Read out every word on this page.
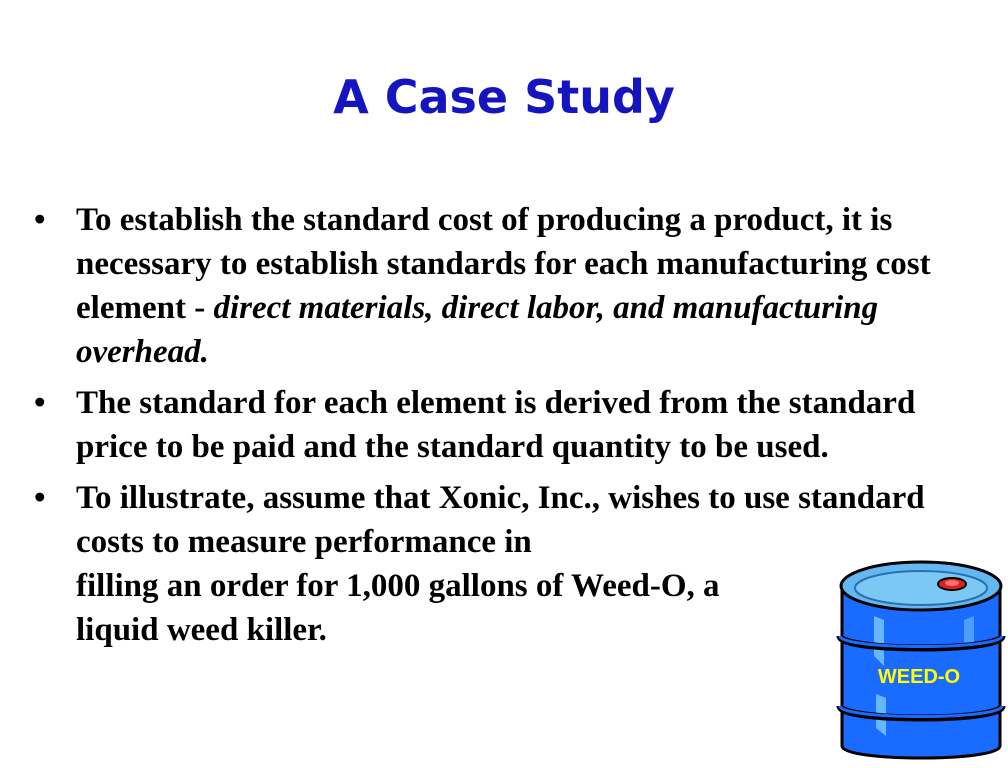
A Case Study
• To establish the standard cost of producing a product, it is necessary to establish standards for each manufacturing cost element - direct materials, direct labor, and manufacturing overhead.
• The standard for each element is derived from the standard price to be paid and the standard quantity to be used.
• To illustrate, assume that Xonic, Inc., wishes to use standard costs to measure performance in
filling an order for 1,000 gallons of Weed-O, a
liquid weed killer.
WEED-O
